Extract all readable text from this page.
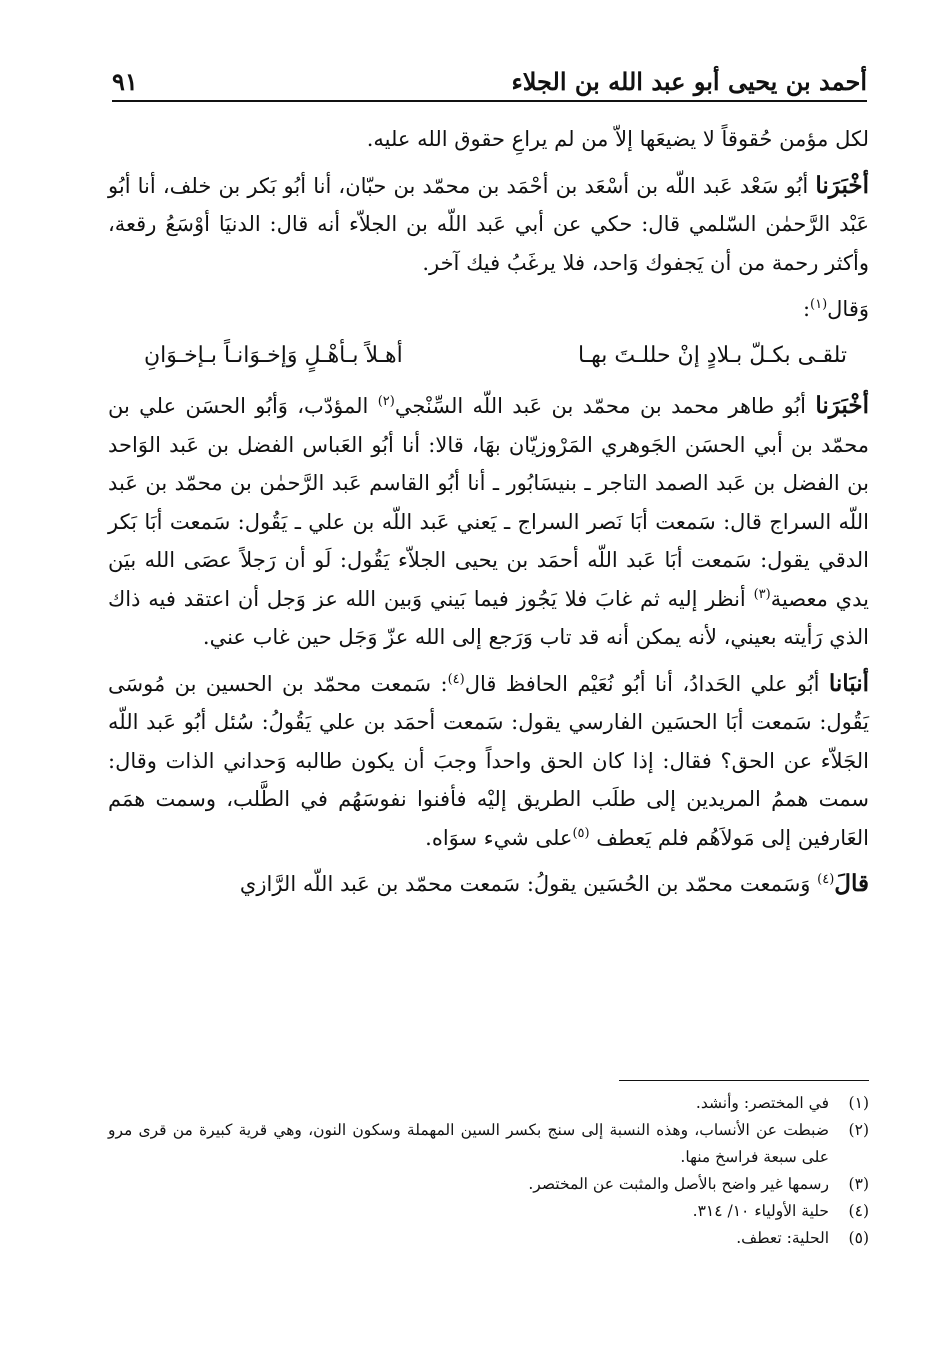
أحمد بن يحيى أبو عبد الله بن الجلاء
٩١

لكل مؤمن حُقوقاً لا يضيعَها إلاّ من لم يراعِ حقوق الله عليه.

أخْبَرَنا أبُو سَعْد عَبد اللّه بن أسْعَد بن أحْمَد بن محمّد بن حبّان، أنا أبُو بَكر بن خلف، أنا أبُو عَبْد الرَّحمٰن السّلمي قال: حكي عن أبي عَبد اللّه بن الجلاّء أنه قال: الدنيَا أوْسَعُ رقعة، وأكثر رحمة من أن يَجفوك وَاحد، فلا يرغَبُ فيك آخر.

وَقال$^{(١)}$:

تلقـى بكـلّ بـلادٍ إنْ حللـتَ بهـا
أهـلاً بـأهْـلٍ وَإخـوَانـاً بـإخـوَانِ

أخْبَرَنا أبُو طاهر محمد بن محمّد بن عَبد اللّه السِّنْجي$^{(٢)}$ المؤدّب، وَأبُو الحسَن علي بن محمّد بن أبي الحسَن الجَوهري المَرْوزيّان بهَا، قالا: أنا أبُو العَباس الفضل بن عَبد الوَاحد بن الفضل بن عَبد الصمد التاجر ـ بنيسَابُور ـ أنا أبُو القاسم عَبد الرَّحمٰن بن محمّد بن عَبد اللّه السراج قال: سَمعت أبَا نَصر السراج ـ يَعني عَبد اللّه بن علي ـ يَقُول: سَمعت أبَا بَكر الدقي يقول: سَمعت أبَا عَبد اللّه أحمَد بن يحيى الجلاّء يَقُول: لَو أن رَجلاً عصَى الله بيَن يدي معصية$^{(٣)}$ أنظر إليه ثم غابَ فلا يَجُوز فيما بَيني وَبين الله عز وَجل أن اعتقد فيه ذاك الذي رَأيته بعيني، لأنه يمكن أنه قد تاب وَرَجع إلى الله عزّ وَجَل حين غاب عني.

أنبَانا أبُو علي الحَدادُ، أنا أبُو نُعَيْم الحافظ قال$^{(٤)}$: سَمعت محمّد بن الحسين بن مُوسَى يَقُول: سَمعت أبَا الحسَين الفارسي يقول: سَمعت أحمَد بن علي يَقُولُ: سُئل أبُو عَبد اللّه الجَلاّء عن الحق؟ فقال: إذا كان الحق واحداً وجبَ أن يكون طالبه وَحداني الذات وقال: سمت هممُ المريدين إلى طلَب الطريق إليْه فأفنوا نفوسَهُم في الطَّلب، وسمت همَم العَارفين إلى مَولاَهُم فلم يَعطف $^{(٥)}$على شيء سوَاه.

قالَ$^{(٤)}$ وَسَمعت محمّد بن الحُسَين يقولُ: سَمعت محمّد بن عَبد اللّه الرَّازي

(١)
في المختصر: وأنشد.
(٢)
ضبطت عن الأنساب، وهذه النسبة إلى سنج بكسر السين المهملة وسكون النون، وهي قرية كبيرة من قرى مرو على سبعة فراسخ منها.
(٣)
رسمها غير واضح بالأصل والمثبت عن المختصر.
(٤)
حلية الأولياء ١٠/ ٣١٤.
(٥)
الحلية: تعطف.
